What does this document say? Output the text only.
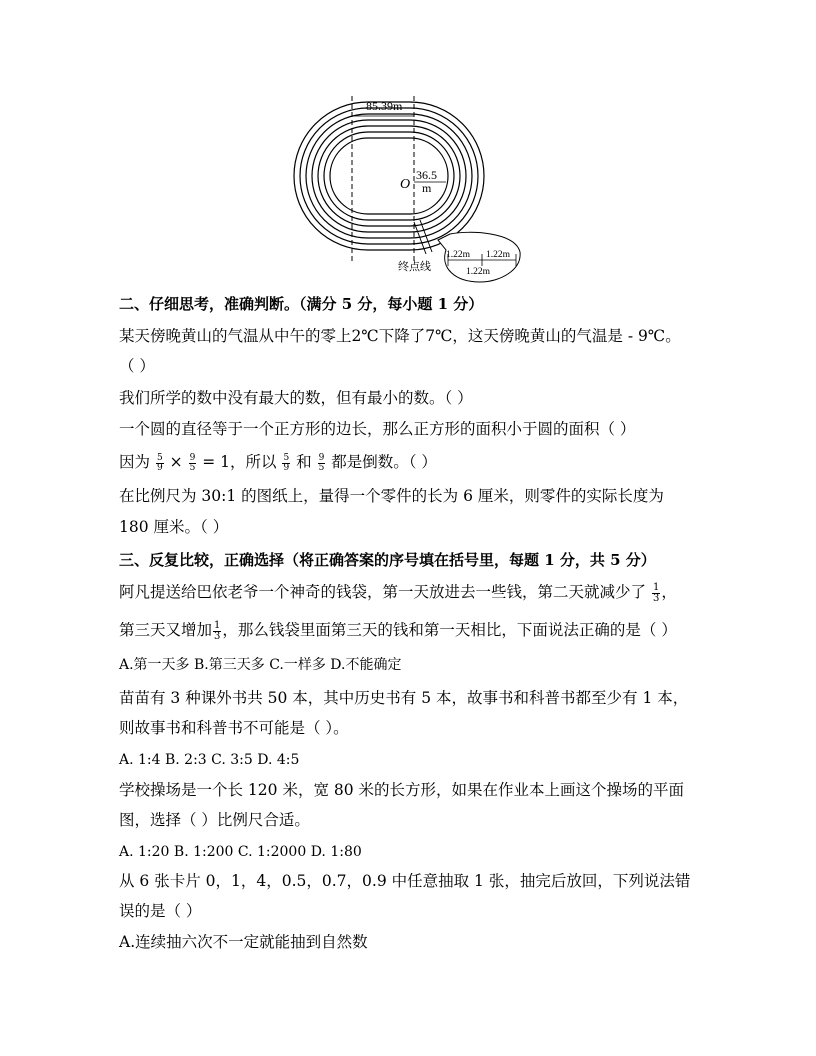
85.39m
O
36.5
m
终点线
1.22m 1.22m
1.22m
二、仔细思考，准确判断。（满分 5 分，每小题 1 分）
某天傍晚黄山的气温从中午的零上2℃下降了7℃，这天傍晚黄山的气温是 - 9℃。
（ ）
我们所学的数中没有最大的数，但有最小的数。（ ）
一个圆的直径等于一个正方形的边长，那么正方形的面积小于圆的面积（ ）
因为 $\frac{5}{9} \times \frac{9}{5} = 1$，所以 $\frac{5}{9}$ 和 $\frac{9}{5}$ 都是倒数。（ ）
在比例尺为 30:1 的图纸上，量得一个零件的长为 6 厘米，则零件的实际长度为
180 厘米。（ ）
三、反复比较，正确选择（将正确答案的序号填在括号里，每题 1 分，共 5 分）
阿凡提送给巴依老爷一个神奇的钱袋，第一天放进去一些钱，第二天就减少了 $\frac{1}{3}$ ，
第三天又增加 $\frac{1}{3}$ ，那么钱袋里面第三天的钱和第一天相比，下面说法正确的是（ ）
A.第一天多 B.第三天多 C.一样多 D.不能确定
苗苗有 3 种课外书共 50 本，其中历史书有 5 本，故事书和科普书都至少有 1 本，
则故事书和科普书不可能是（ ）。
A. 1:4 B. 2:3 C. 3:5 D. 4:5
学校操场是一个长 120 米，宽 80 米的长方形，如果在作业本上画这个操场的平面
图，选择（ ）比例尺合适。
A. 1:20 B. 1:200 C. 1:2000 D. 1:80
从 6 张卡片 0，1，4，0.5，0.7，0.9 中任意抽取 1 张，抽完后放回，下列说法错
误的是（ ）
A.连续抽六次不一定就能抽到自然数
